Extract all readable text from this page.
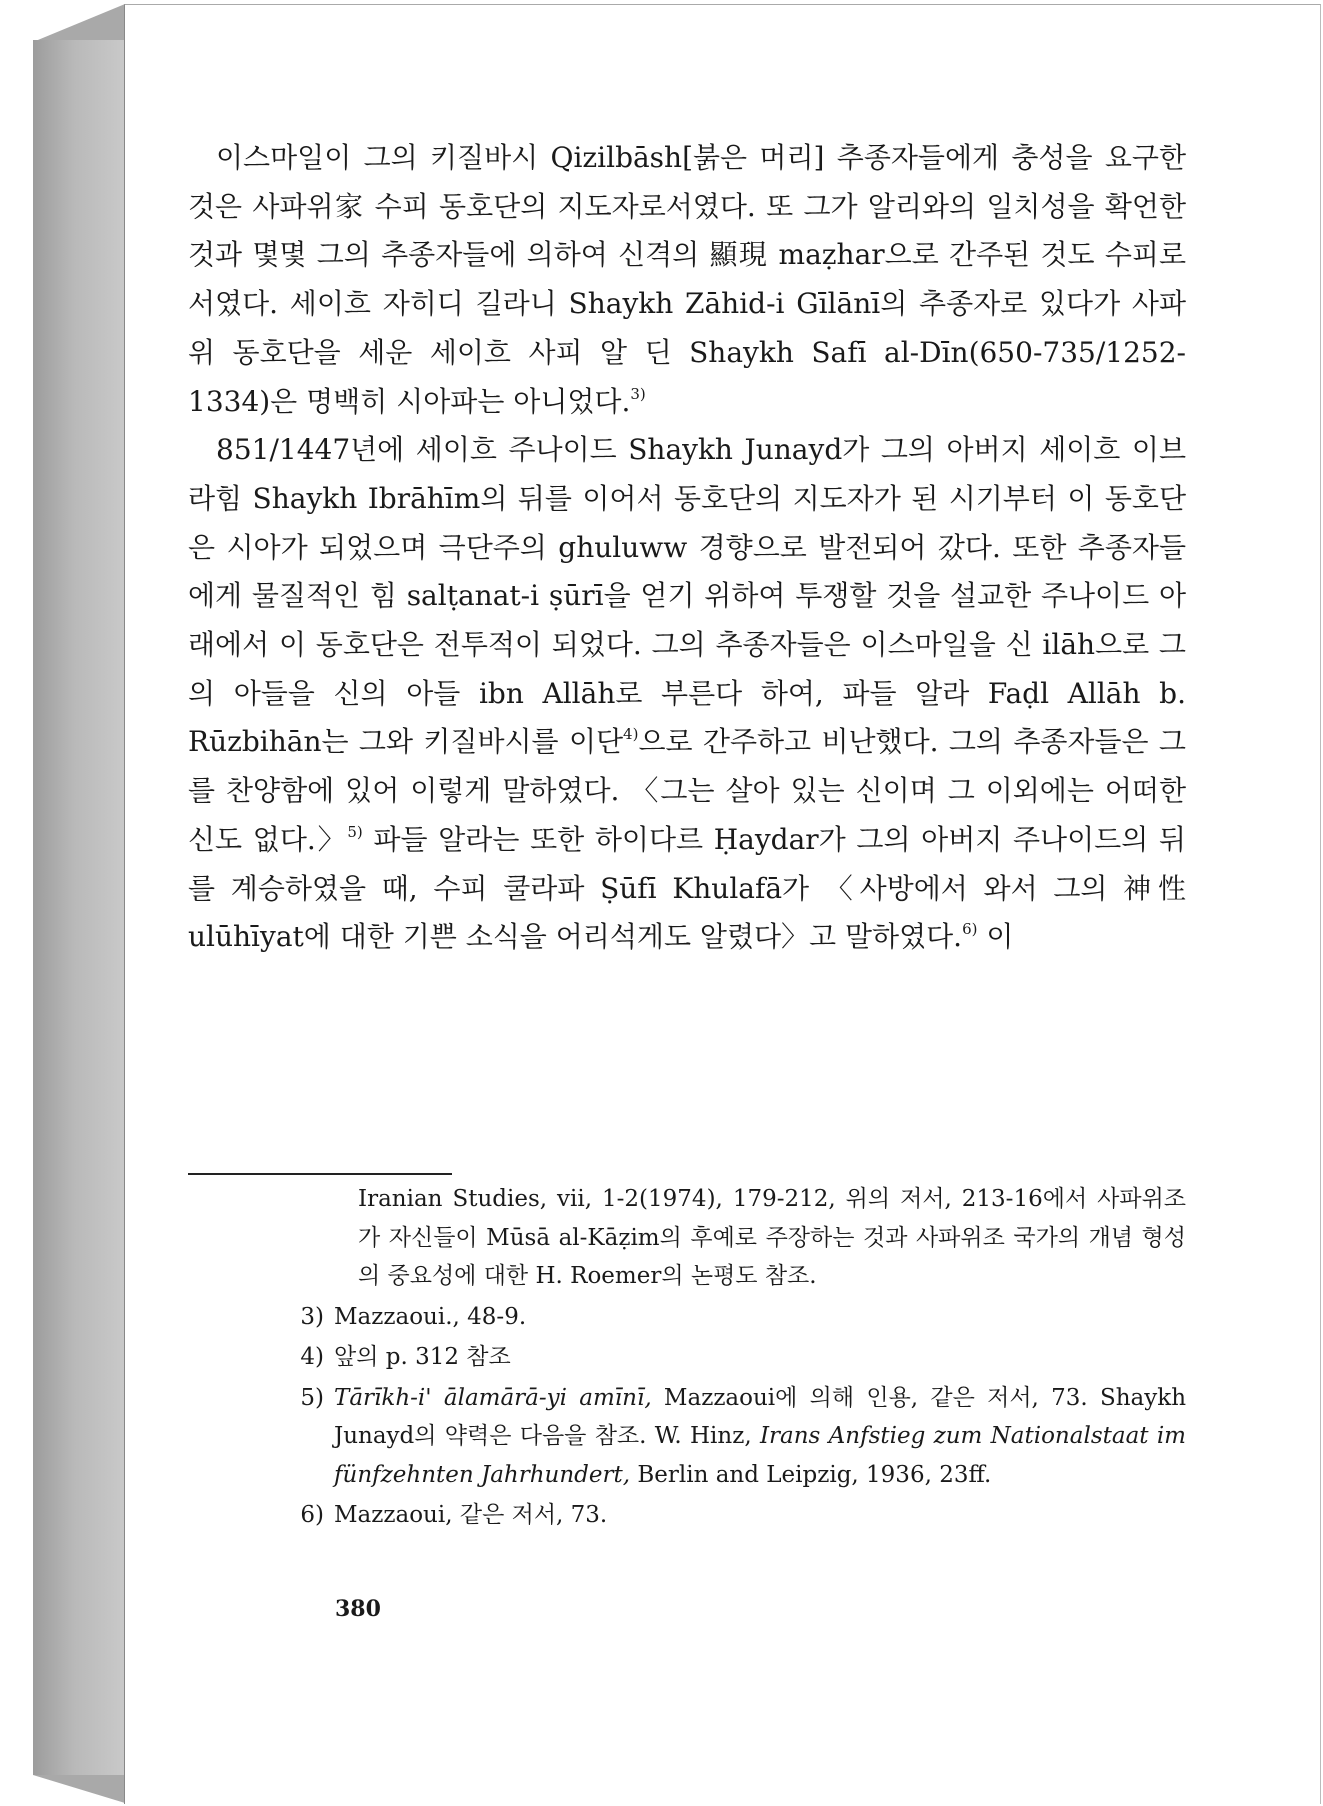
이스마일이 그의 키질바시 Qizilbāsh[붉은 머리] 추종자들에게 충성을 요구한 것은 사파위家 수피 동호단의 지도자로서였다. 또 그가 알리와의 일치성을 확언한 것과 몇몇 그의 추종자들에 의하여 신격의 顯現 maẓhar으로 간주된 것도 수피로서였다. 세이흐 자히디 길라니 Shaykh Zāhid-i Gīlānī의 추종자로 있다가 사파위 동호단을 세운 세이흐 사피 알 딘 Shaykh Safī al-Dīn(650-735/1252-1334)은 명백히 시아파는 아니었다.$^{3)}$

851/1447년에 세이흐 주나이드 Shaykh Junayd가 그의 아버지 세이흐 이브라힘 Shaykh Ibrāhīm의 뒤를 이어서 동호단의 지도자가 된 시기부터 이 동호단은 시아가 되었으며 극단주의 ghuluww 경향으로 발전되어 갔다. 또한 추종자들에게 물질적인 힘 salṭanat-i ṣūrī을 얻기 위하여 투쟁할 것을 설교한 주나이드 아래에서 이 동호단은 전투적이 되었다. 그의 추종자들은 이스마일을 신 ilāh으로 그의 아들을 신의 아들 ibn Allāh로 부른다 하여, 파들 알라 Faḍl Allāh b. Rūzbihān는 그와 키질바시를 이단$^{4)}$으로 간주하고 비난했다. 그의 추종자들은 그를 찬양함에 있어 이렇게 말하였다. 〈그는 살아 있는 신이며 그 이외에는 어떠한 신도 없다.〉$^{5)}$ 파들 알라는 또한 하이다르 Ḥaydar가 그의 아버지 주나이드의 뒤를 계승하였을 때, 수피 쿨라파 Ṣūfī Khulafā가 〈사방에서 와서 그의 神性 ulūhīyat에 대한 기쁜 소식을 어리석게도 알렸다〉고 말하였다.$^{6)}$ 이

Iranian Studies, vii, 1-2(1974), 179-212, 위의 저서, 213-16에서 사파위조가 자신들이 Mūsā al-Kāẓim의 후예로 주장하는 것과 사파위조 국가의 개념 형성의 중요성에 대한 H. Roemer의 논평도 참조.
3) Mazzaoui., 48-9.
4) 앞의 p. 312 참조
5) Tārīkh-i' ālamārā-yi amīnī, Mazzaoui에 의해 인용, 같은 저서, 73. Shaykh Junayd의 약력은 다음을 참조. W. Hinz, Irans Anfstieg zum Nationalstaat im fünfzehnten Jahrhundert, Berlin and Leipzig, 1936, 23ff.
6) Mazzaoui, 같은 저서, 73.
380
